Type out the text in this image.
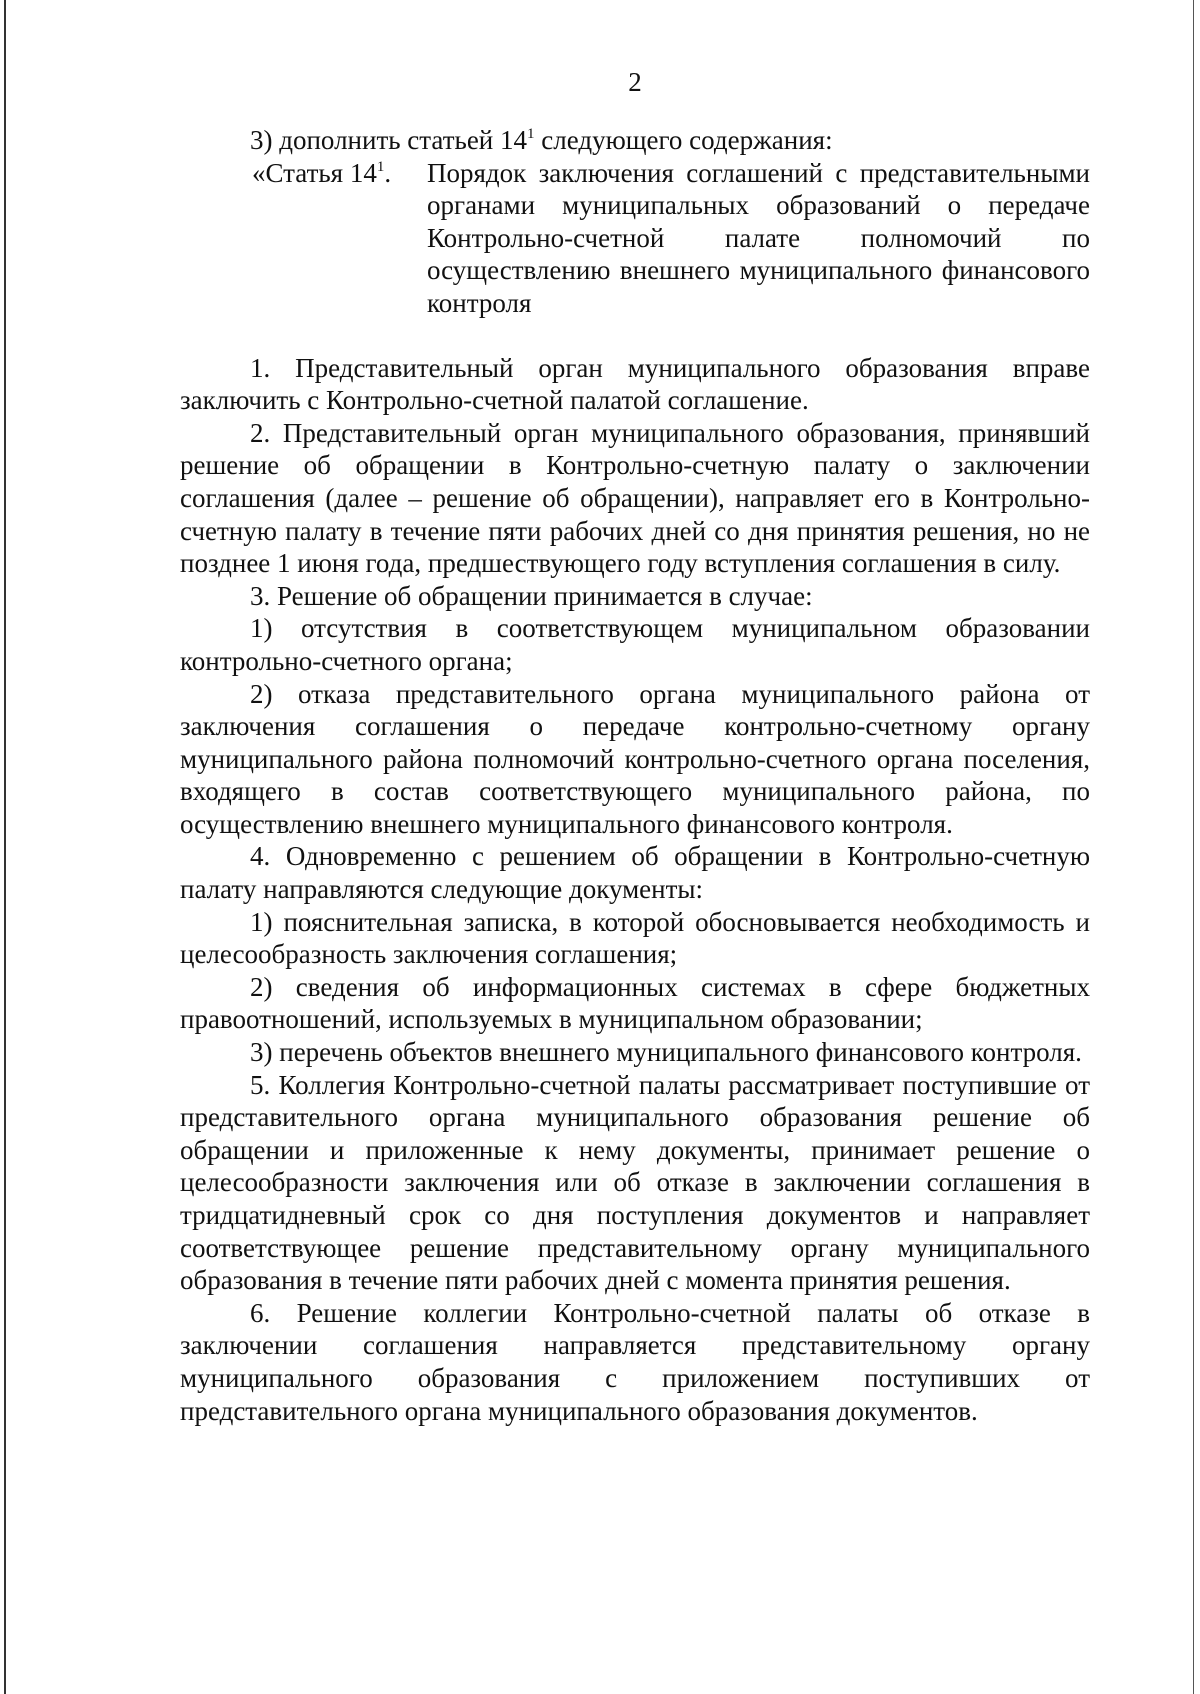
2
3) дополнить статьей $14^1$ следующего содержания:
«Статья $14^1$.	Порядок заключения соглашений с представительными органами муниципальных образований о передаче Контрольно-счетной палате полномочий по осуществлению внешнего муниципального финансового контроля

1. Представительный орган муниципального образования вправе заключить с Контрольно-счетной палатой соглашение.

2. Представительный орган муниципального образования, принявший решение об обращении в Контрольно-счетную палату о заключении соглашения (далее – решение об обращении), направляет его в Контрольно-счетную палату в течение пяти рабочих дней со дня принятия решения, но не позднее 1 июня года, предшествующего году вступления соглашения в силу.

3. Решение об обращении принимается в случае:

1) отсутствия в соответствующем муниципальном образовании контрольно-счетного органа;

2) отказа представительного органа муниципального района от заключения соглашения о передаче контрольно-счетному органу муниципального района полномочий контрольно-счетного органа поселения, входящего в состав соответствующего муниципального района, по осуществлению внешнего муниципального финансового контроля.

4. Одновременно с решением об обращении в Контрольно-счетную палату направляются следующие документы:

1) пояснительная записка, в которой обосновывается необходимость и целесообразность заключения соглашения;

2) сведения об информационных системах в сфере бюджетных правоотношений, используемых в муниципальном образовании;

3) перечень объектов внешнего муниципального финансового контроля.

5. Коллегия Контрольно-счетной палаты рассматривает поступившие от представительного органа муниципального образования решение об обращении и приложенные к нему документы, принимает решение о целесообразности заключения или об отказе в заключении соглашения в тридцатидневный срок со дня поступления документов и направляет соответствующее решение представительному органу муниципального образования в течение пяти рабочих дней с момента принятия решения.

6. Решение коллегии Контрольно-счетной палаты об отказе в заключении соглашения направляется представительному органу муниципального образования с приложением поступивших от представительного органа муниципального образования документов.
